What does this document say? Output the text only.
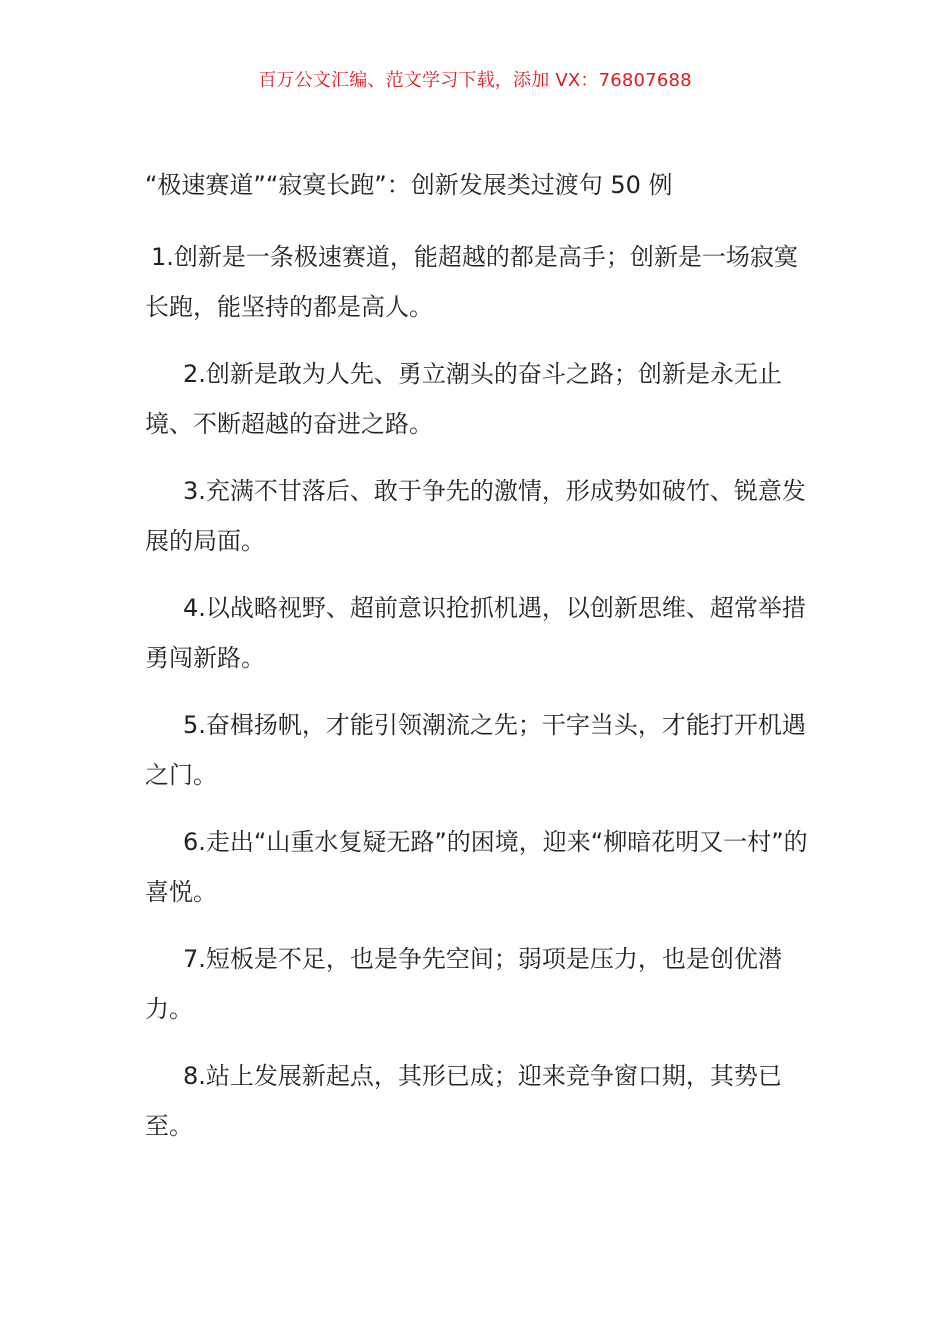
百万公文汇编、范文学习下载，添加 VX：76807688
“极速赛道”“寂寞长跑”：创新发展类过渡句 50 例

1.创新是一条极速赛道，能超越的都是高手；创新是一场寂寞长跑，能坚持的都是高人。

2.创新是敢为人先、勇立潮头的奋斗之路；创新是永无止境、不断超越的奋进之路。

3.充满不甘落后、敢于争先的激情，形成势如破竹、锐意发展的局面。

4.以战略视野、超前意识抢抓机遇，以创新思维、超常举措勇闯新路。

5.奋楫扬帆，才能引领潮流之先；干字当头，才能打开机遇之门。

6.走出“山重水复疑无路”的困境，迎来“柳暗花明又一村”的喜悦。

7.短板是不足，也是争先空间；弱项是压力，也是创优潜力。

8.站上发展新起点，其形已成；迎来竞争窗口期，其势已至。
